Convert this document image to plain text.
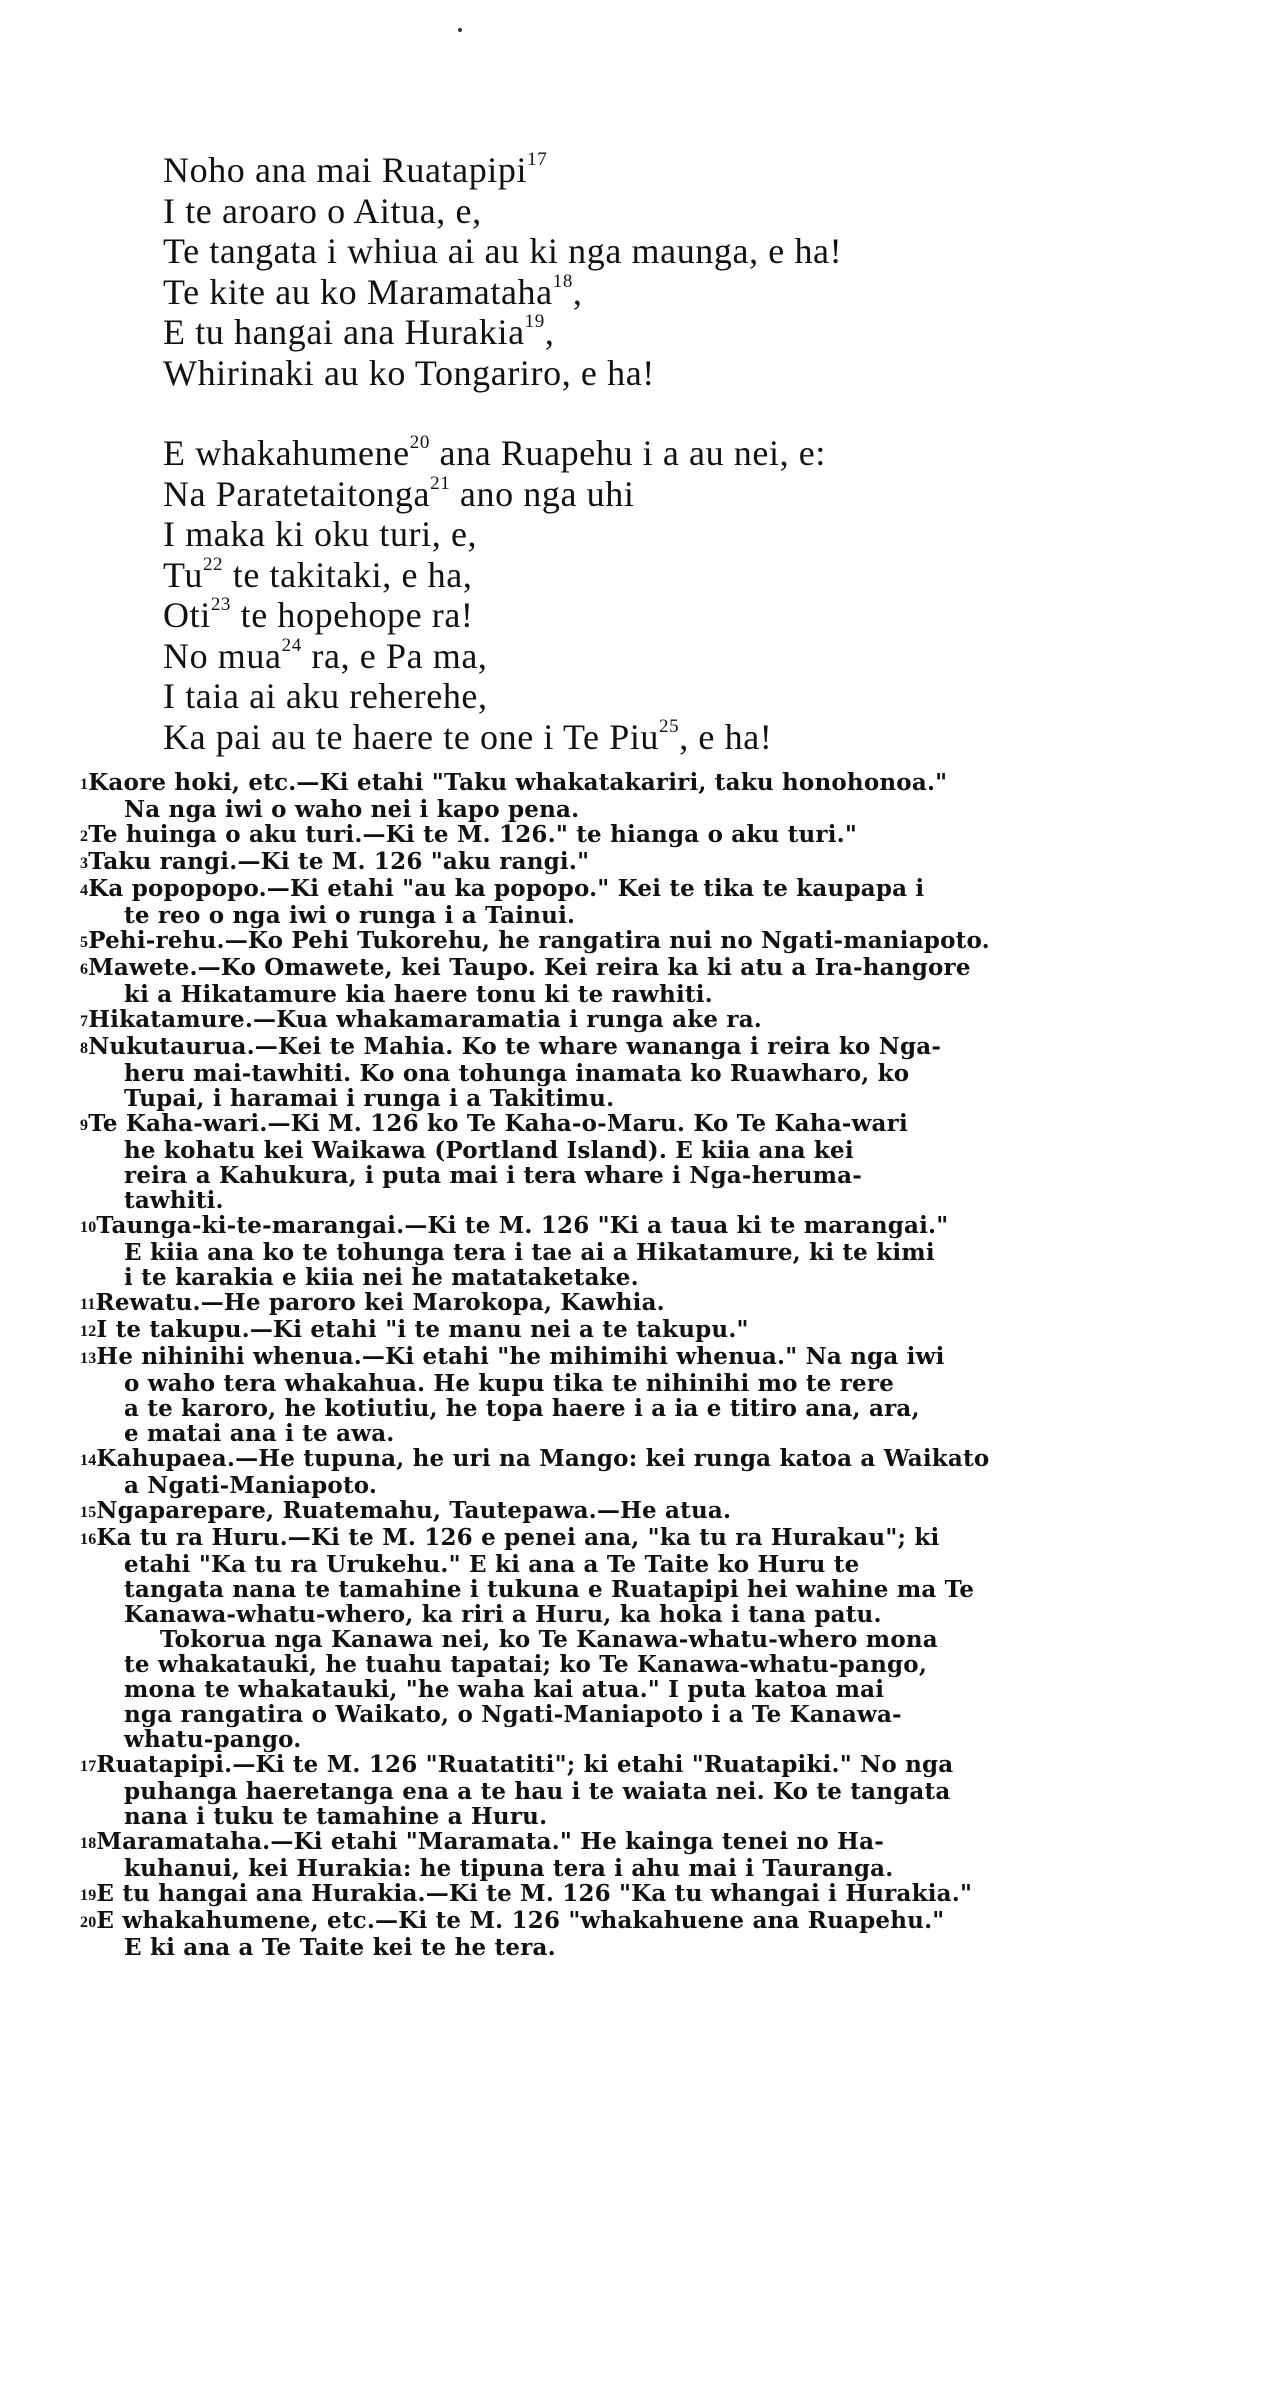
Noho ana mai Ruatapipi$^{17}$
I te aroaro o Aitua, e,
Te tangata i whiua ai au ki nga maunga, e ha!
Te kite au ko Maramataha$^{18}$,
E tu hangai ana Hurakia$^{19}$,
Whirinaki au ko Tongariro, e ha!
E whakahumene$^{20}$ ana Ruapehu i a au nei, e:
Na Paratetaitonga$^{21}$ ano nga uhi
I maka ki oku turi, e,
Tu$^{22}$ te takitaki, e ha,
Oti$^{23}$ te hopehope ra!
No mua$^{24}$ ra, e Pa ma,
I taia ai aku reherehe,
Ka pai au te haere te one i Te Piu$^{25}$, e ha!
1Kaore hoki, etc.—Ki etahi "Taku whakatakariri, taku honohonoa."
Na nga iwi o waho nei i kapo pena.
2Te huinga o aku turi.—Ki te M. 126." te hianga o aku turi."
3Taku rangi.—Ki te M. 126 "aku rangi."
4Ka popopopo.—Ki etahi "au ka popopo." Kei te tika te kaupapa i
te reo o nga iwi o runga i a Tainui.
5Pehi-rehu.—Ko Pehi Tukorehu, he rangatira nui no Ngati-maniapoto.
6Mawete.—Ko Omawete, kei Taupo. Kei reira ka ki atu a Ira-hangore
ki a Hikatamure kia haere tonu ki te rawhiti.
7Hikatamure.—Kua whakamaramatia i runga ake ra.
8Nukutaurua.—Kei te Mahia. Ko te whare wananga i reira ko Nga-
heru mai-tawhiti. Ko ona tohunga inamata ko Ruawharo, ko
Tupai, i haramai i runga i a Takitimu.
9Te Kaha-wari.—Ki M. 126 ko Te Kaha-o-Maru. Ko Te Kaha-wari
he kohatu kei Waikawa (Portland Island). E kiia ana kei
reira a Kahukura, i puta mai i tera whare i Nga-heruma-
tawhiti.
10Taunga-ki-te-marangai.—Ki te M. 126 "Ki a taua ki te marangai."
E kiia ana ko te tohunga tera i tae ai a Hikatamure, ki te kimi
i te karakia e kiia nei he matataketake.
11Rewatu.—He paroro kei Marokopa, Kawhia.
12I te takupu.—Ki etahi "i te manu nei a te takupu."
13He nihinihi whenua.—Ki etahi "he mihimihi whenua." Na nga iwi
o waho tera whakahua. He kupu tika te nihinihi mo te rere
a te karoro, he kotiutiu, he topa haere i a ia e titiro ana, ara,
e matai ana i te awa.
14Kahupaea.—He tupuna, he uri na Mango: kei runga katoa a Waikato
a Ngati-Maniapoto.
15Ngaparepare, Ruatemahu, Tautepawa.—He atua.
16Ka tu ra Huru.—Ki te M. 126 e penei ana, "ka tu ra Hurakau"; ki
etahi "Ka tu ra Urukehu." E ki ana a Te Taite ko Huru te
tangata nana te tamahine i tukuna e Ruatapipi hei wahine ma Te
Kanawa-whatu-whero, ka riri a Huru, ka hoka i tana patu.
Tokorua nga Kanawa nei, ko Te Kanawa-whatu-whero mona
te whakatauki, he tuahu tapatai; ko Te Kanawa-whatu-pango,
mona te whakatauki, "he waha kai atua." I puta katoa mai
nga rangatira o Waikato, o Ngati-Maniapoto i a Te Kanawa-
whatu-pango.
17Ruatapipi.—Ki te M. 126 "Ruatatiti"; ki etahi "Ruatapiki." No nga
puhanga haeretanga ena a te hau i te waiata nei. Ko te tangata
nana i tuku te tamahine a Huru.
18Maramataha.—Ki etahi "Maramata." He kainga tenei no Ha-
kuhanui, kei Hurakia: he tipuna tera i ahu mai i Tauranga.
19E tu hangai ana Hurakia.—Ki te M. 126 "Ka tu whangai i Hurakia."
20E whakahumene, etc.—Ki te M. 126 "whakahuene ana Ruapehu."
E ki ana a Te Taite kei te he tera.
